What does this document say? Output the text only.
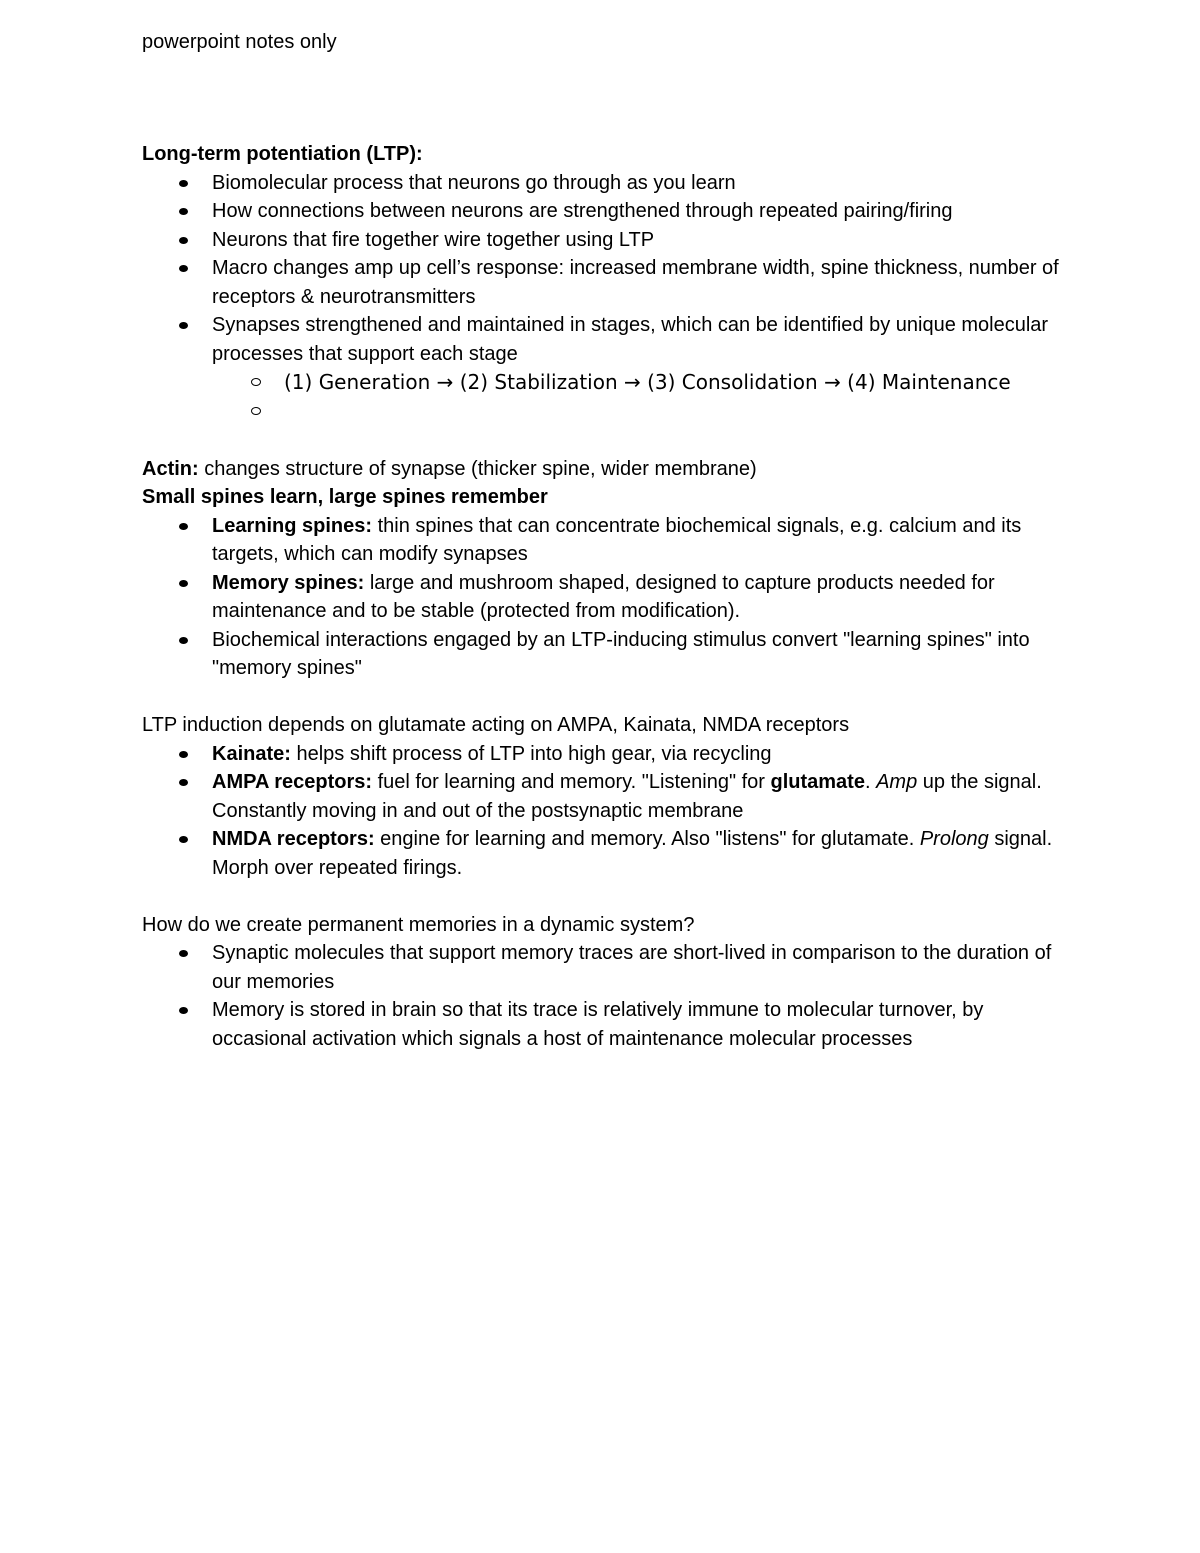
powerpoint notes only

Long-term potentiation (LTP):

Biomolecular process that neurons go through as you learn
How connections between neurons are strengthened through repeated pairing/firing
Neurons that fire together wire together using LTP
Macro changes amp up cell’s response: increased membrane width, spine thickness, number of receptors & neurotransmitters
Synapses strengthened and maintained in stages, which can be identified by unique molecular processes that support each stage
(1) Generation → (2) Stabilization → (3) Consolidation → (4) Maintenance

Actin: changes structure of synapse (thicker spine, wider membrane)

Small spines learn, large spines remember

Learning spines: thin spines that can concentrate biochemical signals, e.g. calcium and its targets, which can modify synapses
Memory spines: large and mushroom shaped, designed to capture products needed for maintenance and to be stable (protected from modification).
Biochemical interactions engaged by an LTP-inducing stimulus convert "learning spines" into "memory spines"

LTP induction depends on glutamate acting on AMPA, Kainata, NMDA receptors

Kainate: helps shift process of LTP into high gear, via recycling
AMPA receptors: fuel for learning and memory. "Listening" for glutamate. Amp up the signal. Constantly moving in and out of the postsynaptic membrane
NMDA receptors: engine for learning and memory. Also "listens" for glutamate. Prolong signal. Morph over repeated firings.

How do we create permanent memories in a dynamic system?

Synaptic molecules that support memory traces are short-lived in comparison to the duration of our memories
Memory is stored in brain so that its trace is relatively immune to molecular turnover, by occasional activation which signals a host of maintenance molecular processes
